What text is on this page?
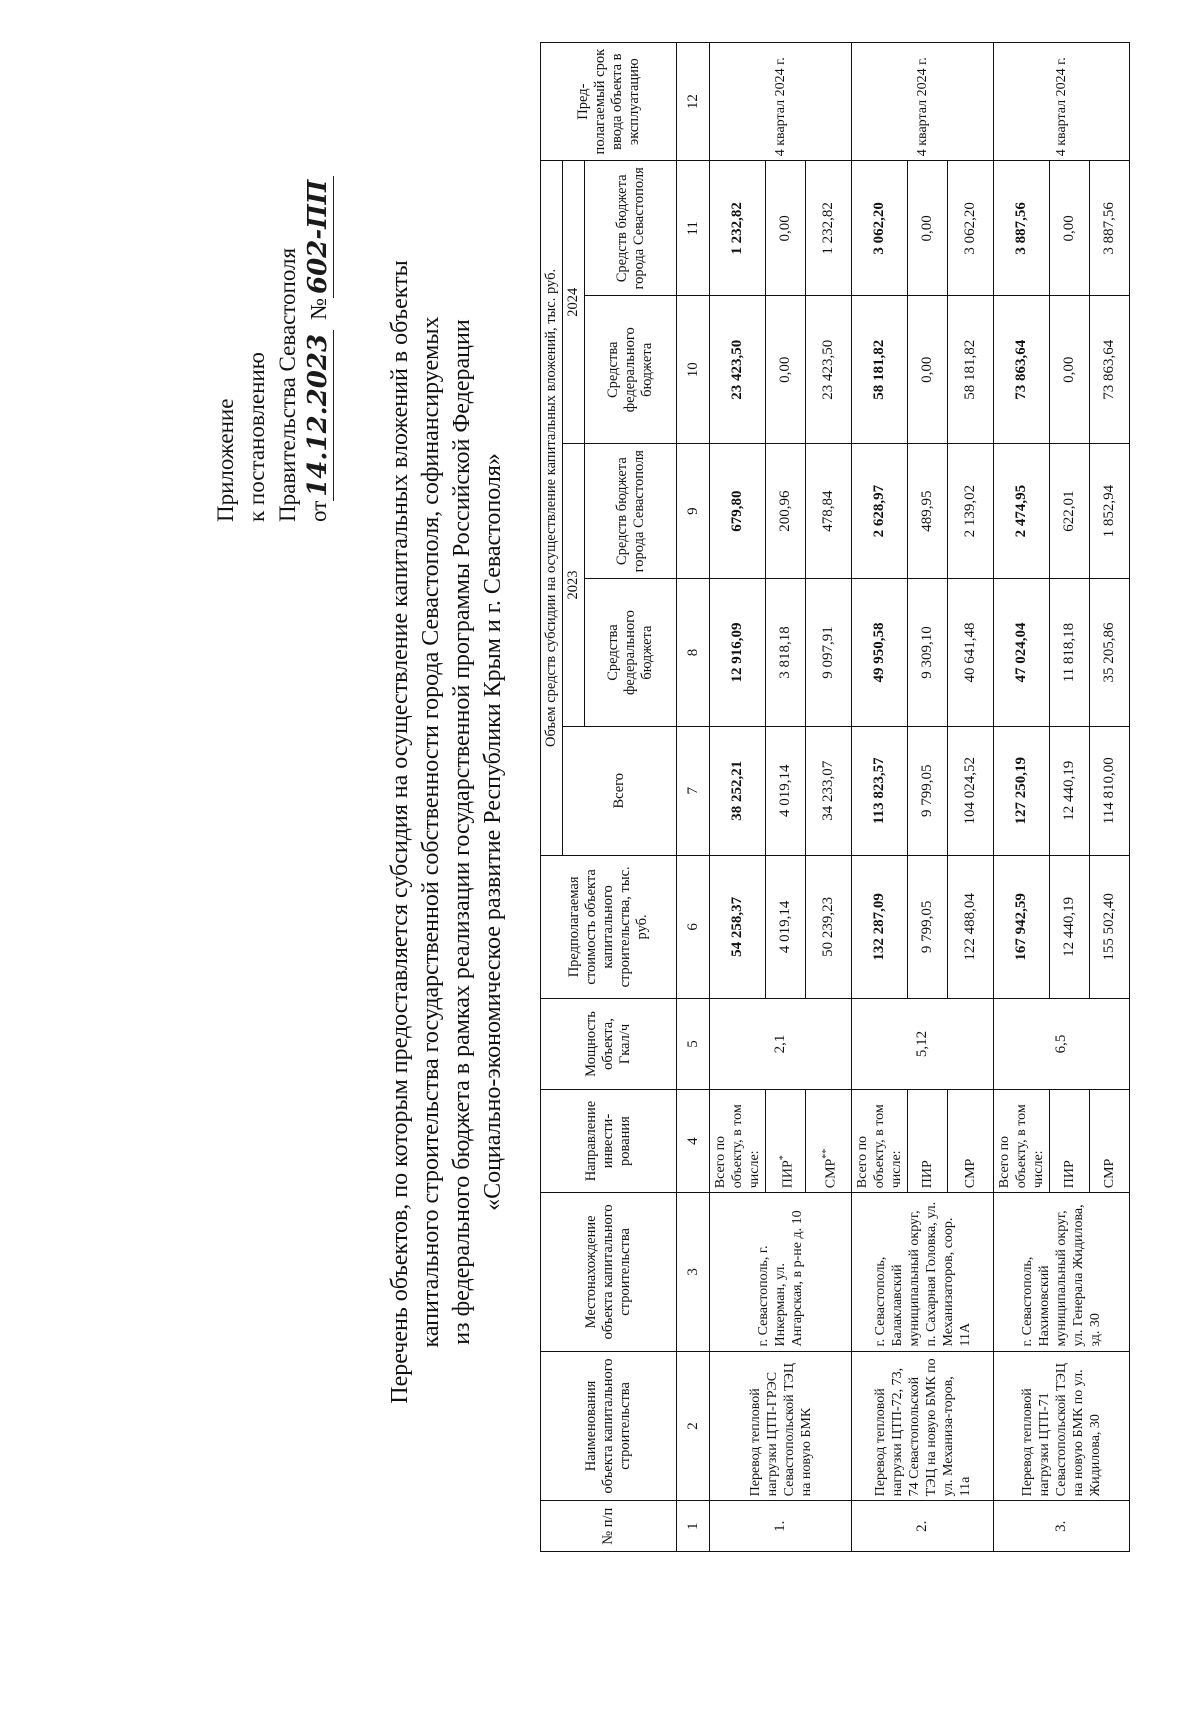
Приложение к постановлению Правительства Севастополя от14.12.2023№602-ПП
Перечень объектов, по которым предоставляется субсидия на осуществление капитальных вложений в объекты капитального строительства государственной собственности города Севастополя, софинансируемых из федерального бюджета в рамках реализации государственной программы Российской Федерации «Социально-экономическое развитие Республики Крым и г. Севастополя»
№ п/п	Наименования объекта капитального строительства	Местонахождение объекта капитального строительства	Направление инвести-рования	Мощность объекта, Гкал/ч	Предполагаемая стоимость объекта капитального строительства, тыс. руб.	Объем средств субсидии на осуществление капитальных вложений, тыс. руб.					Пред-полагаемый срок ввода объекта в эксплуатацию
						Всего	2023		2024		
							Средства федерального бюджета	Средств бюджета города Севастополя	Средства федерального бюджета	Средств бюджета города Севастополя	
1	2	3	4	5	6	7	8	9	10	11	12
1.	Перевод тепловой нагрузки ЦТП-ГРЭС Севастопольской ТЭЦ на новую БМК	г. Севастополь, г. Инкерман, ул. Ангарская, в р-не д. 10	Всего по объекту, в том числе:	2,1	54 258,37	38 252,21	12 916,09	679,80	23 423,50	1 232,82	4 квартал 2024 г.
			ПИР*		4 019,14	4 019,14	3 818,18	200,96	0,00	0,00	
			СМР**		50 239,23	34 233,07	9 097,91	478,84	23 423,50	1 232,82	
2.	Перевод тепловой нагрузки ЦТП-72, 73, 74 Севастопольской ТЭЦ на новую БМК по ул. Механиза-торов, 11а	г. Севастополь, Балаклавский муниципальный округ, п. Сахарная Головка, ул. Механизаторов, соор. 11А	Всего по объекту, в том числе:	5,12	132 287,09	113 823,57	49 950,58	2 628,97	58 181,82	3 062,20	4 квартал 2024 г.
			ПИР		9 799,05	9 799,05	9 309,10	489,95	0,00	0,00	
			СМР		122 488,04	104 024,52	40 641,48	2 139,02	58 181,82	3 062,20	
3.	Перевод тепловой нагрузки ЦТП-71 Севастопольской ТЭЦ на новую БМК по ул. Жидилова, 30	г. Севастополь, Нахимовский муниципальный округ, ул. Генерала Жидилова, зд. 30	Всего по объекту, в том числе:	6,5	167 942,59	127 250,19	47 024,04	2 474,95	73 863,64	3 887,56	4 квартал 2024 г.
			ПИР		12 440,19	12 440,19	11 818,18	622,01	0,00	0,00	
			СМР		155 502,40	114 810,00	35 205,86	1 852,94	73 863,64	3 887,56	
